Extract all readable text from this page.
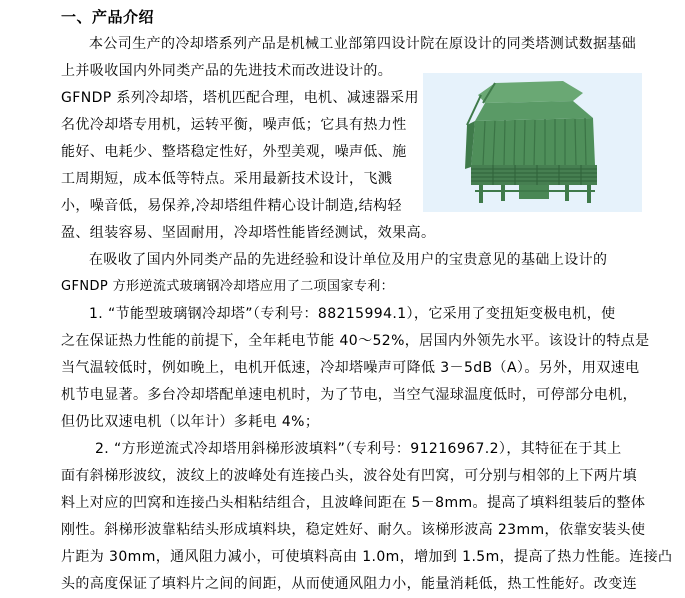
一、产品介绍
本公司生产的冷却塔系列产品是机械工业部第四设计院在原设计的同类塔测试数据基础
上并吸收国内外同类产品的先进技术而改进设计的。
GFNDP 系列冷却塔，塔机匹配合理，电机、减速器采用
名优冷却塔专用机，运转平衡，噪声低；它具有热力性
能好、电耗少、整塔稳定性好，外型美观，噪声低、施
工周期短，成本低等特点。采用最新技术设计，飞溅
小，噪音低，易保养,冷却塔组件精心设计制造,结构轻
盈、组装容易、坚固耐用，冷却塔性能皆经测试，效果高。
在吸收了国内外同类产品的先进经验和设计单位及用户的宝贵意见的基础上设计的
GFNDP 方形逆流式玻璃钢冷却塔应用了二项国家专利：
1. “节能型玻璃钢冷却塔”（专利号：88215994.1），它采用了变扭矩变极电机，使
之在保证热力性能的前提下，全年耗电节能 40～52%，居国内外领先水平。该设计的特点是
当气温较低时，例如晚上，电机开低速，冷却塔噪声可降低 3－5dB（A）。另外，用双速电
机节电显著。多台冷却塔配单速电机时，为了节电，当空气湿球温度低时，可停部分电机，
但仍比双速电机（以年计）多耗电 4%；
2. “方形逆流式冷却塔用斜梯形波填料”（专利号：91216967.2），其特征在于其上
面有斜梯形波纹，波纹上的波峰处有连接凸头，波谷处有凹窝，可分别与相邻的上下两片填
料上对应的凹窝和连接凸头相粘结组合，且波峰间距在 5－8mm。提高了填料组装后的整体
刚性。斜梯形波靠粘结头形成填料块，稳定姓好、耐久。该梯形波高 23mm，依靠安装头使
片距为 30mm，通风阻力减小，可使填料高由 1.0m，增加到 1.5m，提高了热力性能。连接凸
头的高度保证了填料片之间的间距，从而使通风阻力小，能量消耗低，热工性能好。改变连
